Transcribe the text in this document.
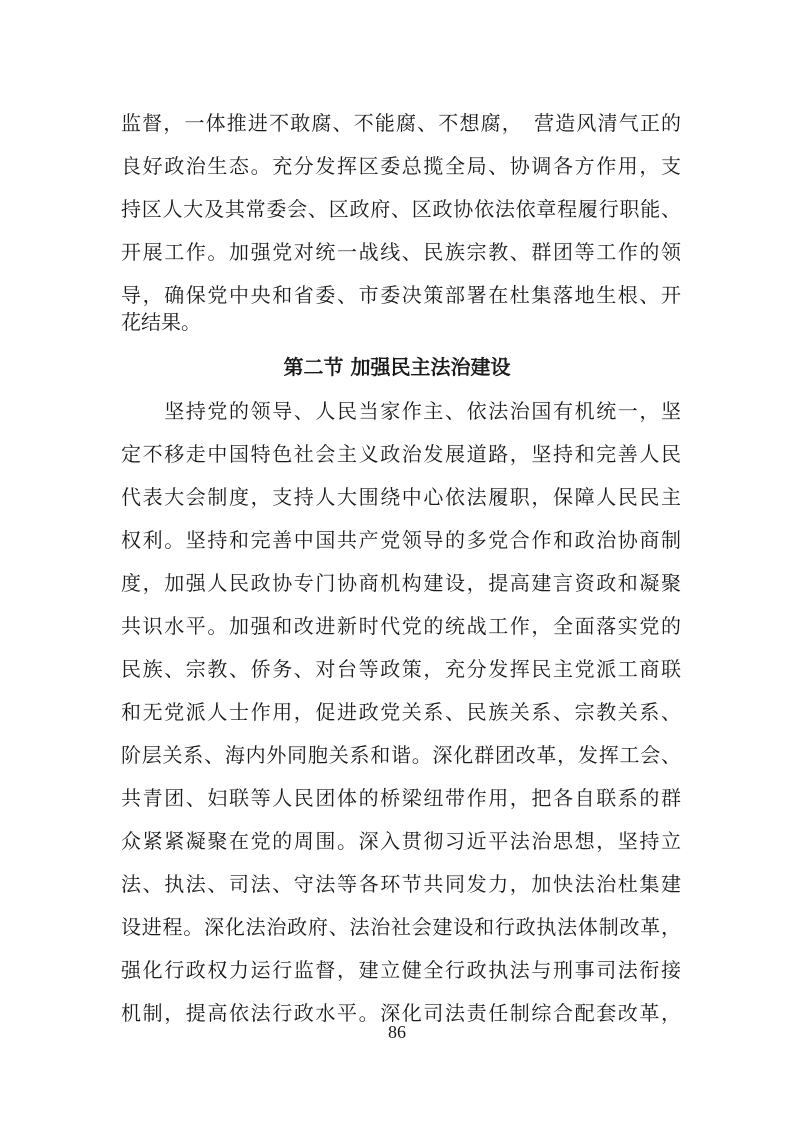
监督，一体推进不敢腐、不能腐、不想腐，　营造风清气正的
良好政治生态。充分发挥区委总揽全局、协调各方作用，支
持区人大及其常委会、区政府、区政协依法依章程履行职能、
开展工作。加强党对统一战线、民族宗教、群团等工作的领
导，确保党中央和省委、市委决策部署在杜集落地生根、开
花结果。
第二节 加强民主法治建设
　　坚持党的领导、人民当家作主、依法治国有机统一，坚
定不移走中国特色社会主义政治发展道路，坚持和完善人民
代表大会制度，支持人大围绕中心依法履职，保障人民民主
权利。坚持和完善中国共产党领导的多党合作和政治协商制
度，加强人民政协专门协商机构建设，提高建言资政和凝聚
共识水平。加强和改进新时代党的统战工作，全面落实党的
民族、宗教、侨务、对台等政策，充分发挥民主党派工商联
和无党派人士作用，促进政党关系、民族关系、宗教关系、
阶层关系、海内外同胞关系和谐。深化群团改革，发挥工会、
共青团、妇联等人民团体的桥梁纽带作用，把各自联系的群
众紧紧凝聚在党的周围。深入贯彻习近平法治思想，坚持立
法、执法、司法、守法等各环节共同发力，加快法治杜集建
设进程。深化法治政府、法治社会建设和行政执法体制改革，
强化行政权力运行监督，建立健全行政执法与刑事司法衔接
机制，提高依法行政水平。深化司法责任制综合配套改革，
86
